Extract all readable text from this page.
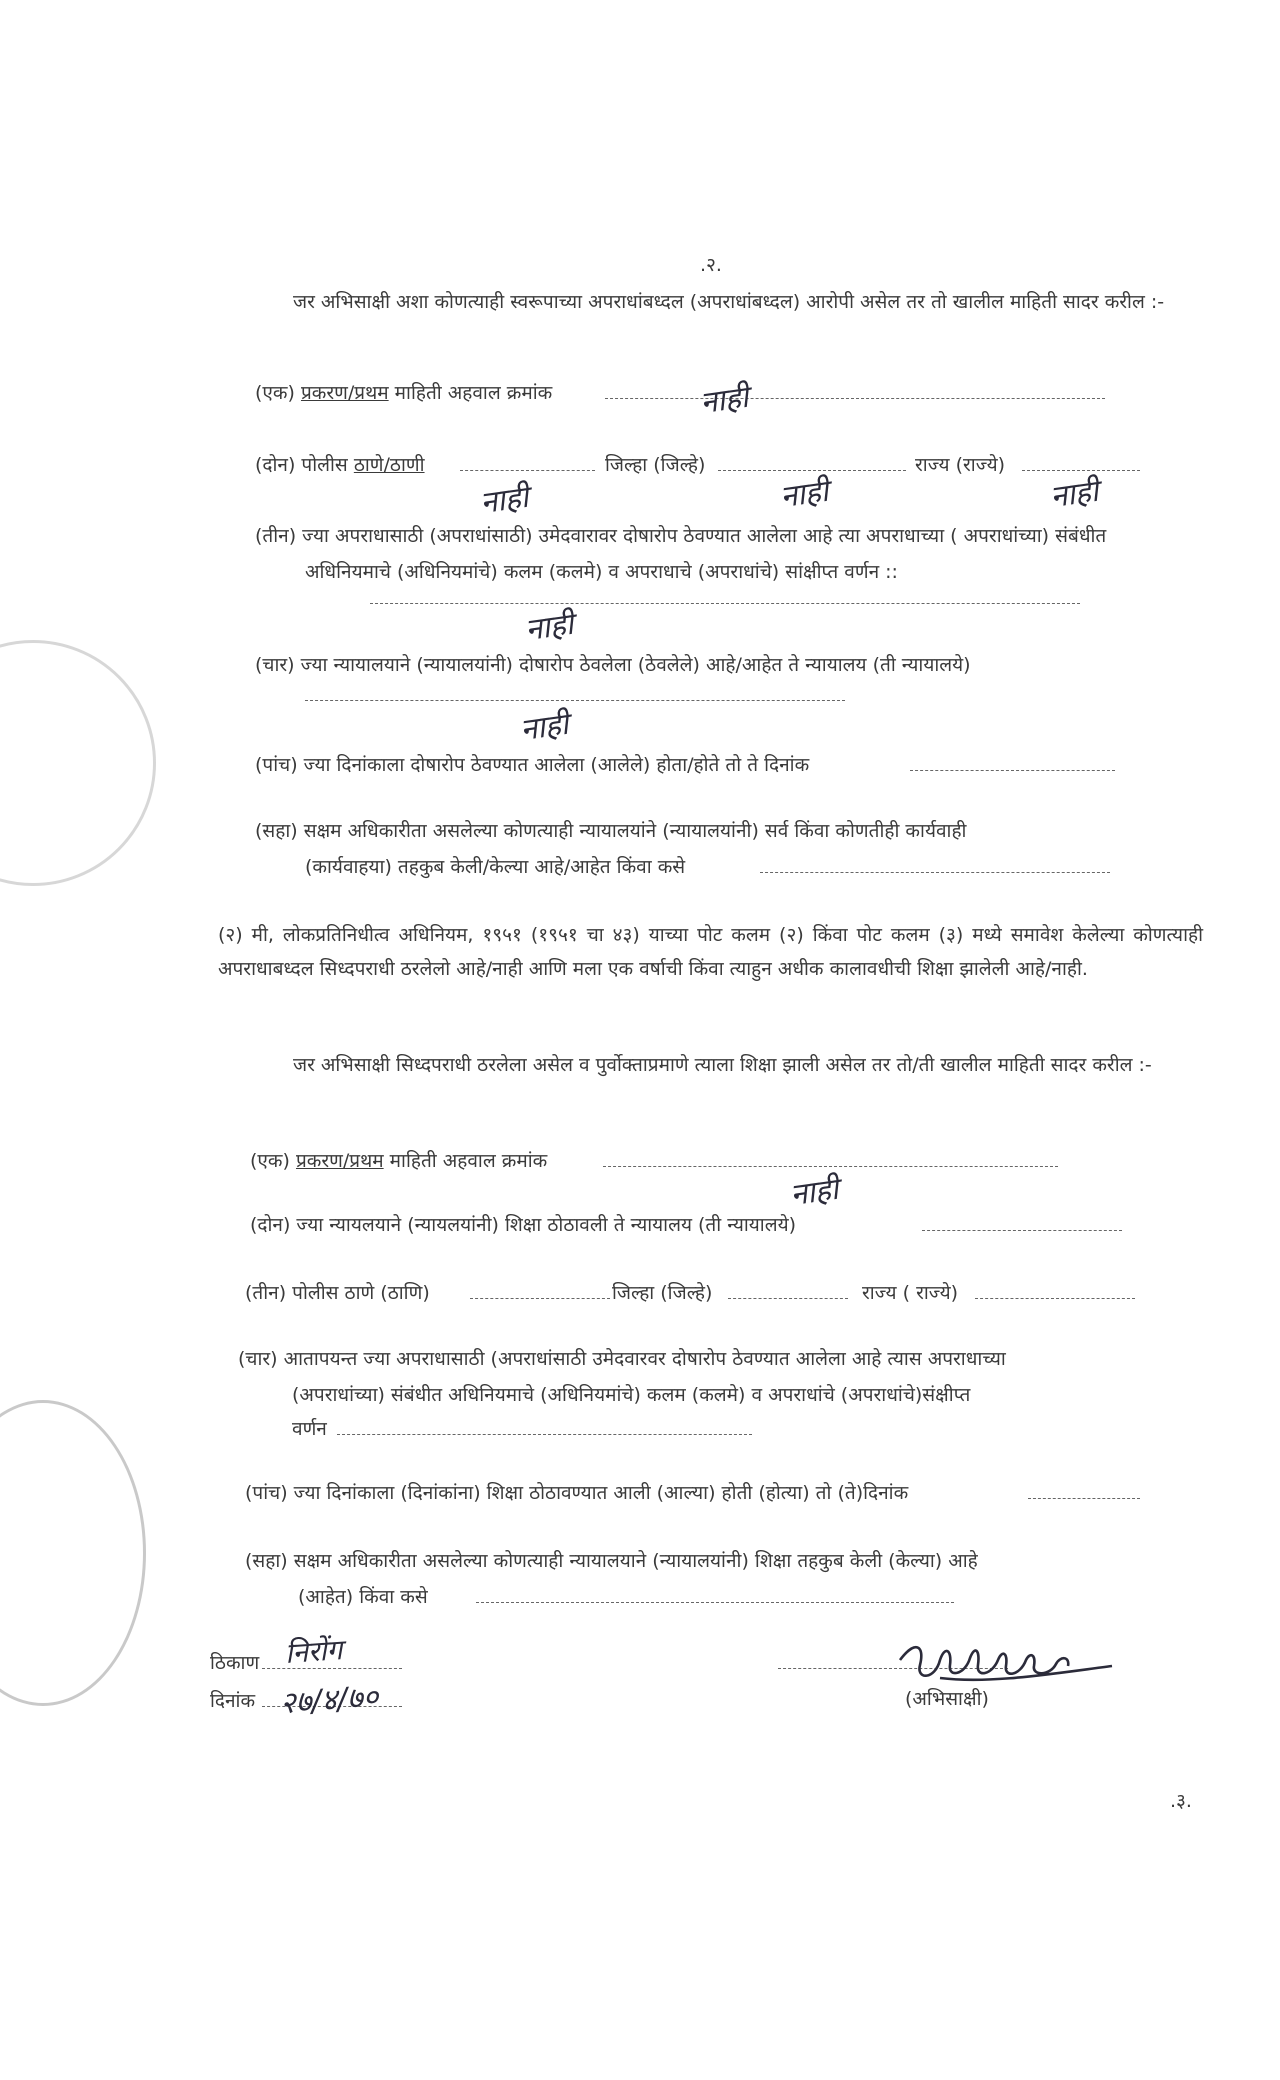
.२.
जर अभिसाक्षी अशा कोणत्याही स्वरूपाच्या अपराधांबध्दल (अपराधांबध्दल) आरोपी असेल तर तो खालील माहिती सादर करील :-
(एक) प्रकरण/प्रथम माहिती अहवाल क्रमांक	नाही
(दोन) पोलीस ठाणे/ठाणी	जिल्हा (जिल्हे)	राज्य (राज्ये)
नाही	नाही	नाही
(तीन) ज्या अपराधासाठी (अपराधांसाठी) उमेदवारावर दोषारोप ठेवण्यात आलेला आहे त्या अपराधाच्या ( अपराधांच्या) संबंधीत अधिनियमाचे (अधिनियमांचे) कलम (कलमे) व अपराधाचे (अपराधांचे) सांक्षीप्त वर्णन ::
नाही
(चार) ज्या न्यायालयाने (न्यायालयांनी) दोषारोप ठेवलेला (ठेवलेले) आहे/आहेत ते न्यायालय (ती न्यायालये)
नाही
(पांच) ज्या दिनांकाला दोषारोप ठेवण्यात आलेला (आलेले) होता/होते तो ते दिनांक
(सहा) सक्षम अधिकारीता असलेल्या कोणत्याही न्यायालयांने (न्यायालयांनी) सर्व किंवा कोणतीही कार्यवाही
(कार्यवाहया) तहकुब केली/केल्या आहे/आहेत किंवा कसे
(२) मी, लोकप्रतिनिधीत्व अधिनियम, १९५१ (१९५१ चा ४३) याच्या पोट कलम (२) किंवा पोट कलम (३) मध्ये समावेश केलेल्या कोणत्याही अपराधाबध्दल सिध्दपराधी ठरलेलो आहे/नाही आणि मला एक वर्षाची किंवा त्याहुन अधीक कालावधीची शिक्षा झालेली आहे/नाही.
जर अभिसाक्षी सिध्दपराधी ठरलेला असेल व पुर्वोक्ताप्रमाणे त्याला शिक्षा झाली असेल तर तो/ती खालील माहिती सादर करील :-
(एक) प्रकरण/प्रथम माहिती अहवाल क्रमांक
नाही
(दोन) ज्या न्यायलयाने (न्यायलयांनी) शिक्षा ठोठावली ते न्यायालय (ती न्यायालये)
(तीन) पोलीस ठाणे (ठाणि)	जिल्हा (जिल्हे)	राज्य ( राज्ये)
(चार) आतापयन्त ज्या अपराधासाठी (अपराधांसाठी उमेदवारवर दोषारोप ठेवण्यात आलेला आहे त्यास अपराधाच्या
(अपराधांच्या) संबंधीत अधिनियमाचे (अधिनियमांचे) कलम (कलमे) व अपराधांचे (अपराधांचे)संक्षीप्त
वर्णन
(पांच) ज्या दिनांकाला (दिनांकांना) शिक्षा ठोठावण्यात आली (आल्या) होती (होत्या) तो (ते)दिनांक
(सहा) सक्षम अधिकारीता असलेल्या कोणत्याही न्यायालयाने (न्यायालयांनी) शिक्षा तहकुब केली (केल्या) आहे
(आहेत) किंवा कसे
ठिकाण निरोंग
दिनांक २७/४/७०	(अभिसाक्षी)
.३.
